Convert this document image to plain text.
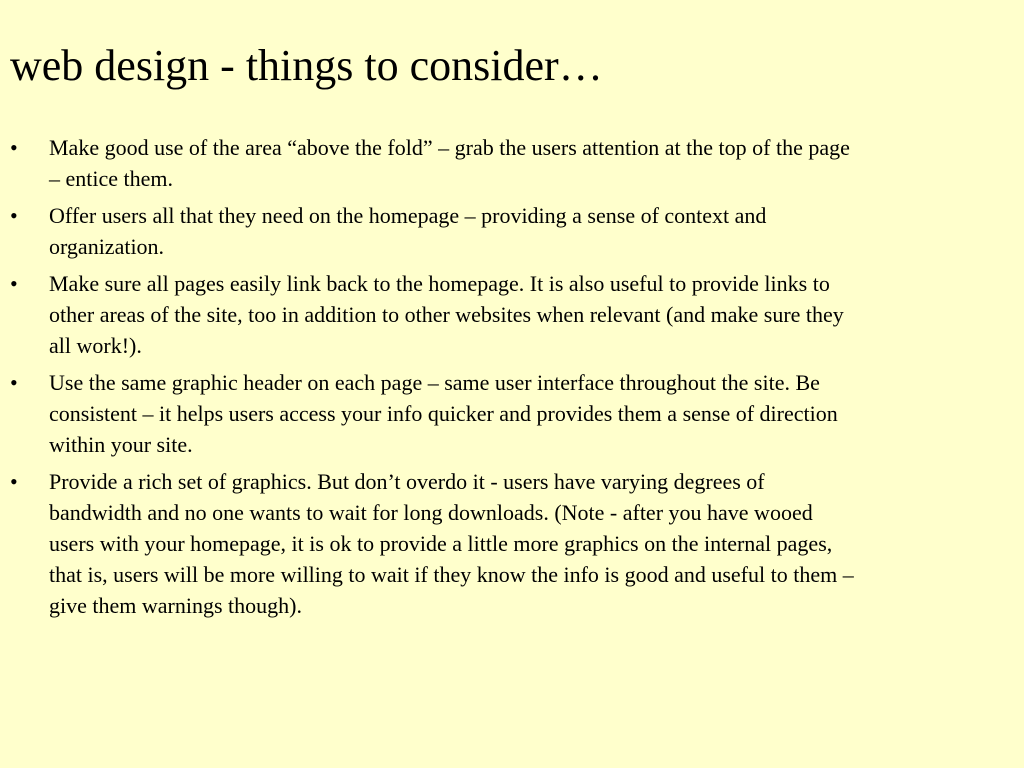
web design - things to consider…
•	Make good use of the area “above the fold” – grab the users attention at the top of the page – entice them.
•	Offer users all that they need on the homepage – providing a sense of context and organization.
•	Make sure all pages easily link back to the homepage. It is also useful to provide links to other areas of the site, too in addition to other websites when relevant (and make sure they all work!).
•	Use the same graphic header on each page – same user interface throughout the site. Be consistent – it helps users access your info quicker and provides them a sense of direction within your site.
•	Provide a rich set of graphics. But don’t overdo it - users have varying degrees of bandwidth and no one wants to wait for long downloads. (Note - after you have wooed users with your homepage, it is ok to provide a little more graphics on the internal pages, that is, users will be more willing to wait if they know the info is good and useful to them – give them warnings though).
